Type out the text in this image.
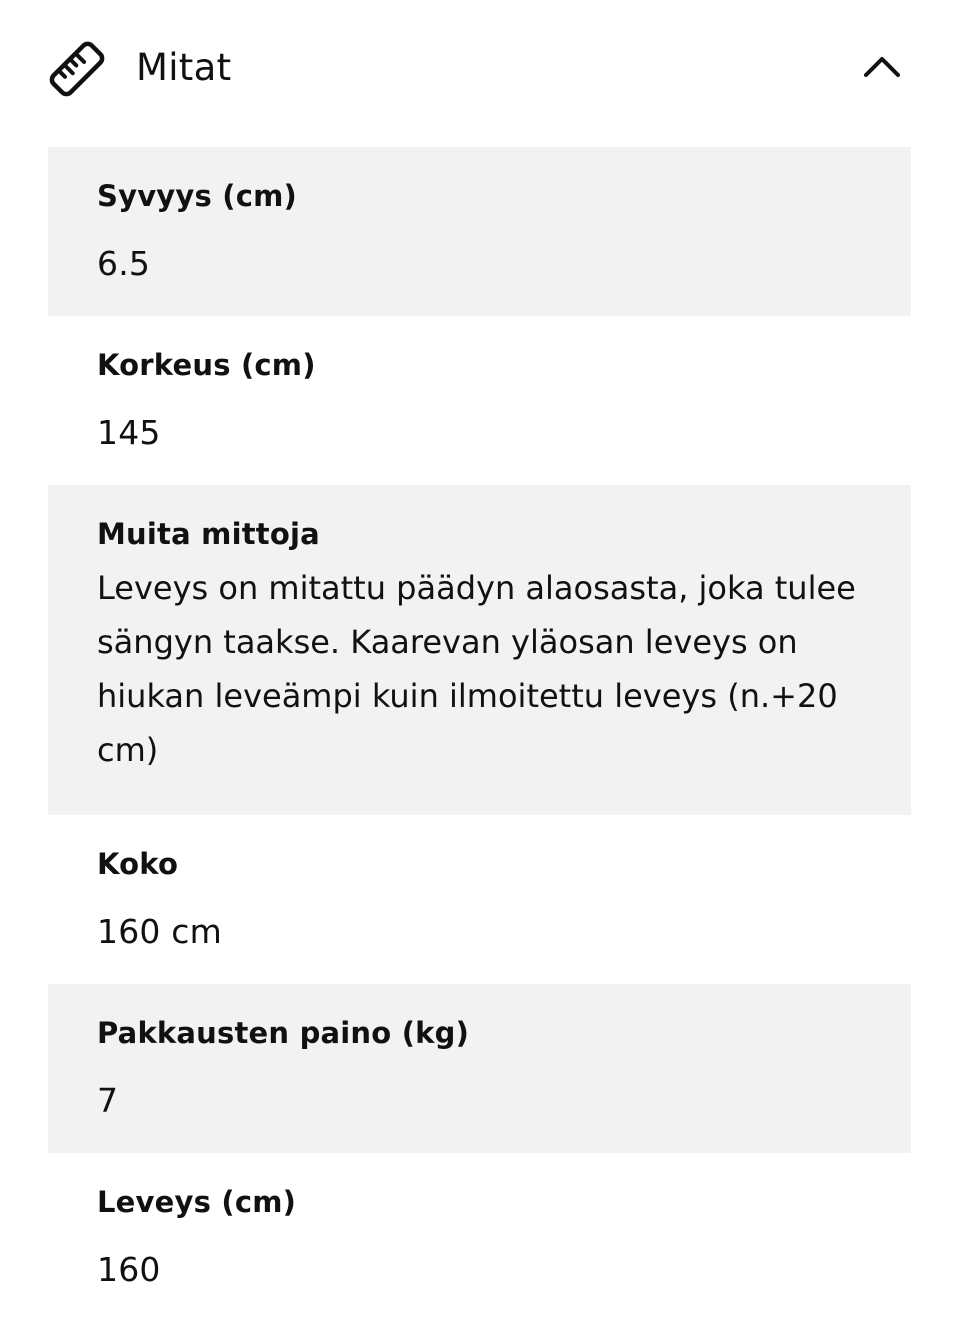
Mitat
Syvyys (cm)
6.5
Korkeus (cm)
145
Muita mittoja
Leveys on mitattu päädyn alaosasta, joka tulee sängyn taakse. Kaarevan yläosan leveys on hiukan leveämpi kuin ilmoitettu leveys (n.+20 cm)
Koko
160 cm
Pakkausten paino (kg)
7
Leveys (cm)
160
